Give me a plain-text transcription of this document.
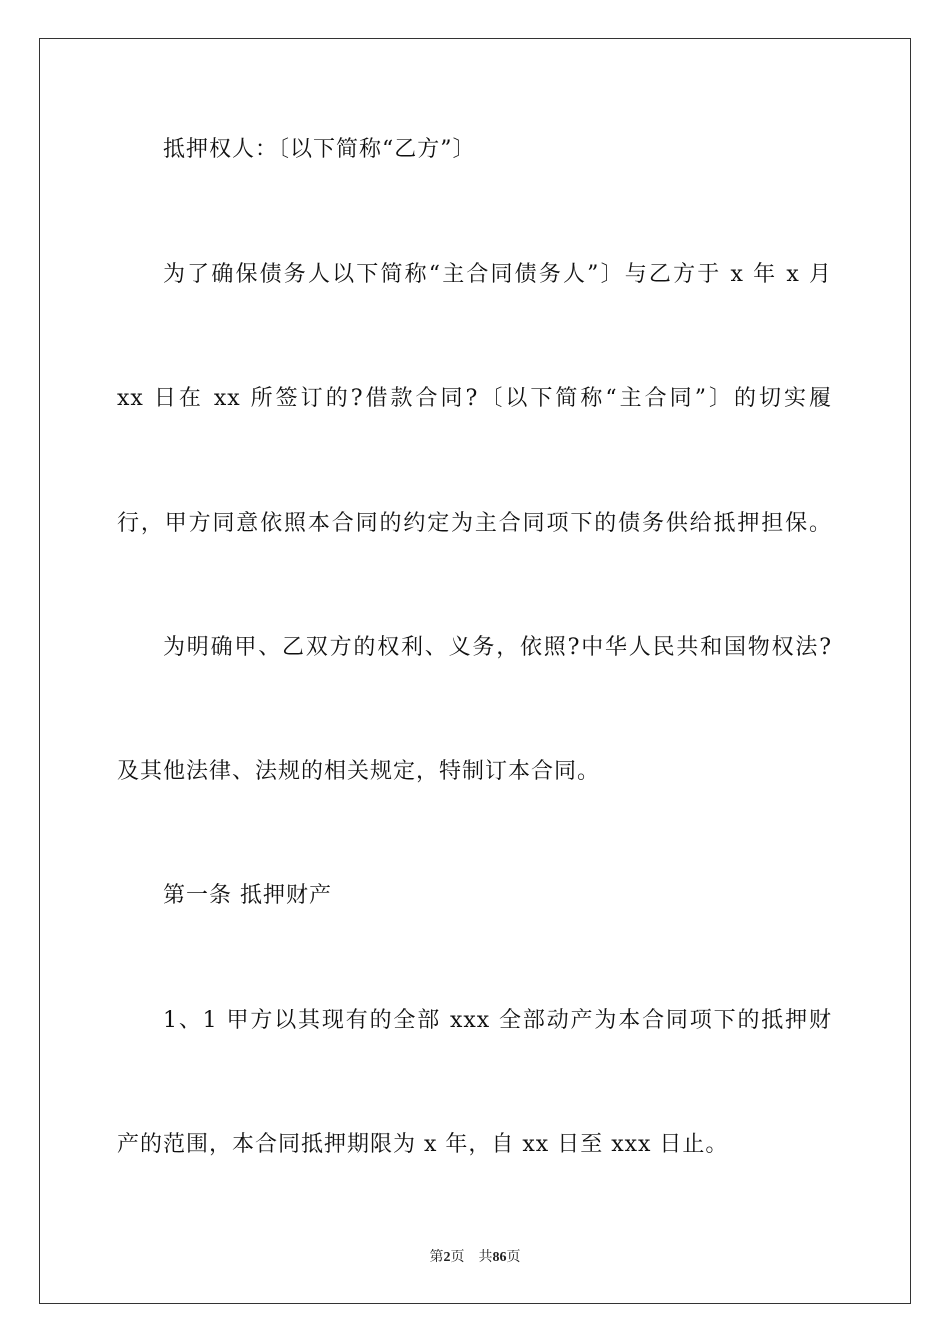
抵押权人：〔以下简称“乙方”〕
为了确保债务人以下简称“主合同债务人”〕与乙方于 x 年 x 月
xx 日在 xx 所签订的?借款合同?〔以下简称“主合同”〕的切实履
行，甲方同意依照本合同的约定为主合同项下的债务供给抵押担保。
为明确甲、乙双方的权利、义务，依照?中华人民共和国物权法?
及其他法律、法规的相关规定，特制订本合同。
第一条 抵押财产
1、1 甲方以其现有的全部 xxx 全部动产为本合同项下的抵押财
产的范围，本合同抵押期限为 x 年，自 xx 日至 xxx 日止。
第2页 共86页
